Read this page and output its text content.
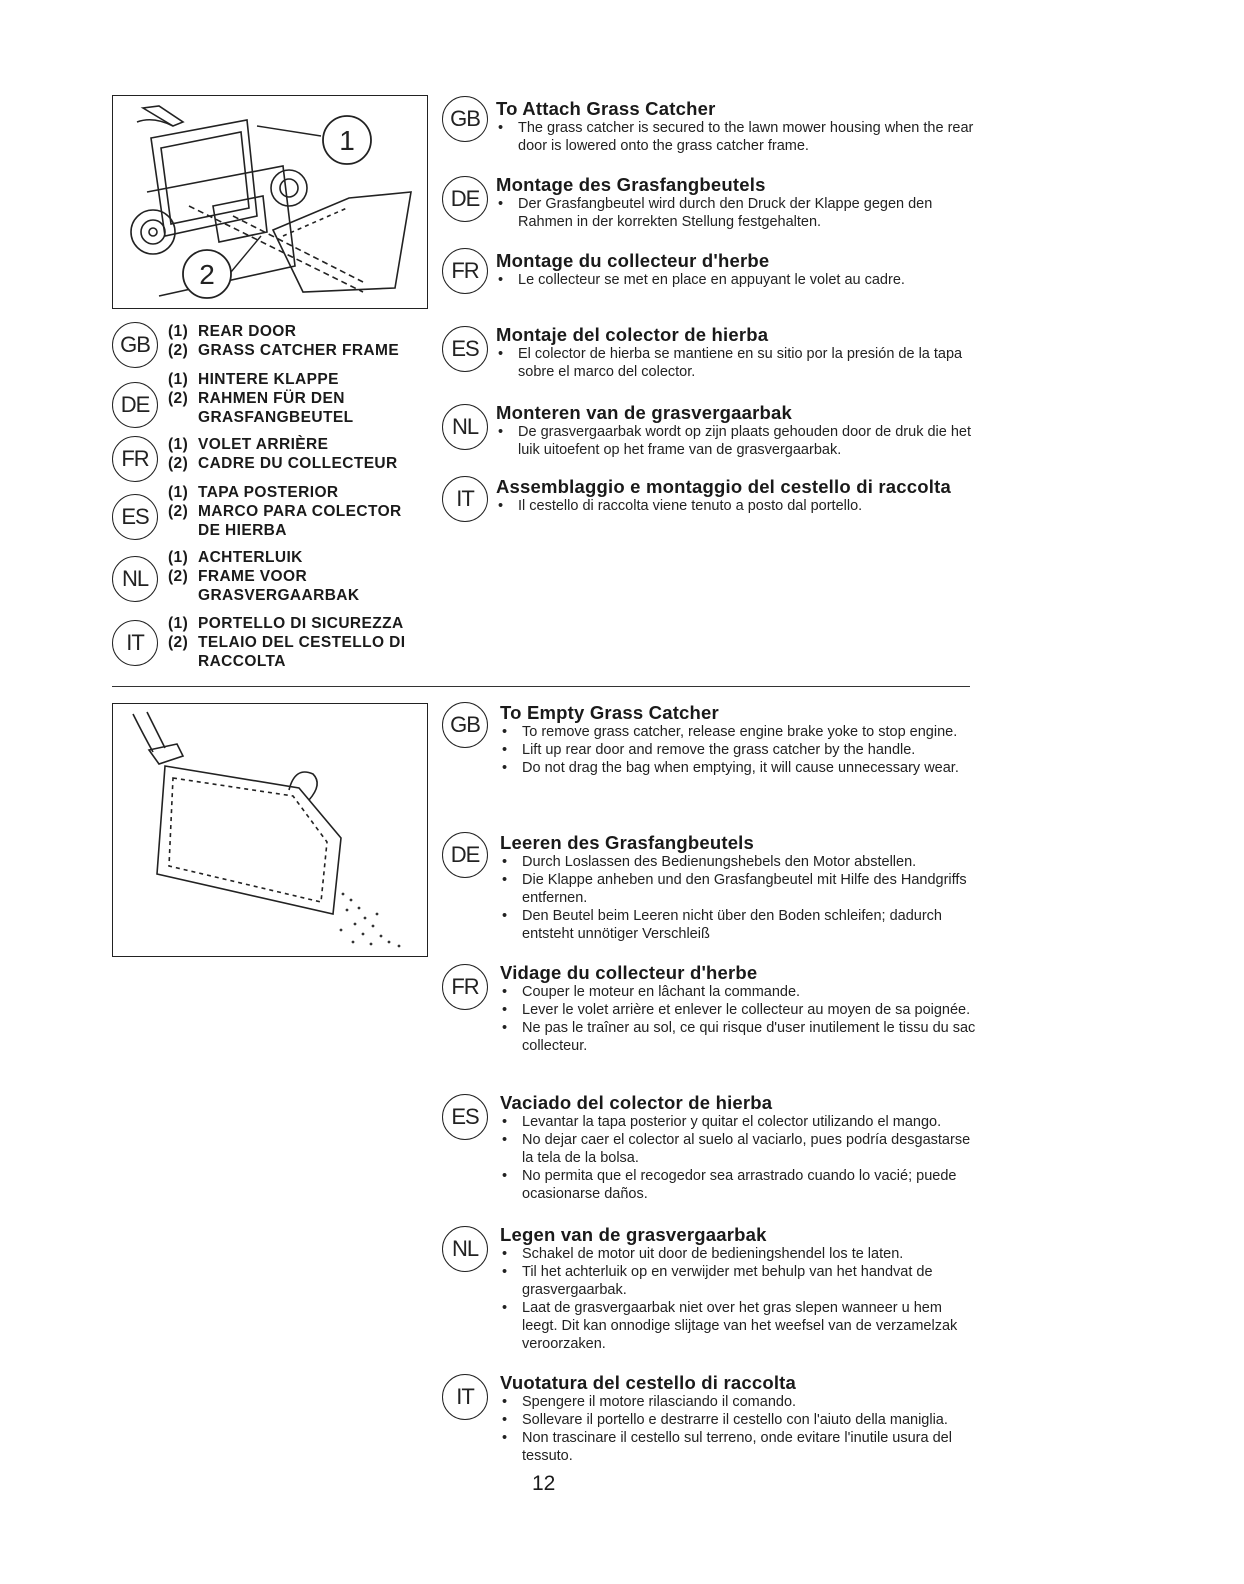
1
2
GB
(1) REAR DOOR
(2) GRASS CATCHER FRAME
DE
(1) HINTERE KLAPPE
(2) RAHMEN FÜR DEN GRASFANGBEUTEL
FR
(1) VOLET ARRIÈRE
(2) CADRE DU COLLECTEUR
ES
(1) TAPA POSTERIOR
(2) MARCO PARA COLECTOR DE HIERBA
NL
(1) ACHTERLUIK
(2) FRAME VOOR GRASVERGAARBAK
IT
(1) PORTELLO DI SICUREZZA
(2) TELAIO DEL CESTELLO DI RACCOLTA
GB To Attach Grass Catcher
• The grass catcher is secured to the lawn mower housing when the rear door is lowered onto the grass catcher frame.
DE
Montage des Grasfangbeutels
• Der Grasfangbeutel wird durch den Druck der Klappe gegen den Rahmen in der korrekten Stellung festgehalten.
FR Montage du collecteur d'herbe
• Le collecteur se met en place en appuyant le volet au cadre.
ES
Montaje del colector de hierba
• El colector de hierba se mantiene en su sitio por la presión de la tapa sobre el marco del colector.
NL
Monteren van de grasvergaarbak
• De grasvergaarbak wordt op zijn plaats gehouden door de druk die het luik uitoefent op het frame van de grasvergaarbak.
IT	Assemblaggio e montaggio del cestello di raccolta
• Il cestello di raccolta viene tenuto a posto dal portello.
GB	To Empty Grass Catcher
• To remove grass catcher, release engine brake yoke to stop engine.
• Lift up rear door and remove the grass catcher by the handle.
• Do not drag the bag when emptying, it will cause unnecessary wear.
DE	Leeren des Grasfangbeutels
• Durch Loslassen des Bedienungshebels den Motor abstellen.
• Die Klappe anheben und den Grasfangbeutel mit Hilfe des Handgriffs entfernen.
• Den Beutel beim Leeren nicht über den Boden schleifen; dadurch entsteht unnötiger Verschleiß
FR
Vidage du collecteur d'herbe
• Couper le moteur en lâchant la commande.
• Lever le volet arrière et enlever le collecteur au moyen de sa poignée.
• Ne pas le traîner au sol, ce qui risque d'user inutilement le tissu du sac collecteur.
ES
Vaciado del colector de hierba
• Levantar la tapa posterior y quitar el colector utilizando el mango.
• No dejar caer el colector al suelo al vaciarlo, pues podría desgastarse la tela de la bolsa.
• No permita que el recogedor sea arrastrado cuando lo vacié; puede ocasionarse daños.
NL
Legen van de grasvergaarbak
• Schakel de motor uit door de bedieningshendel los te laten.
• Til het achterluik op en verwijder met behulp van het handvat de grasvergaarbak.
• Laat de grasvergaarbak niet over het gras slepen wanneer u hem leegt. Dit kan onnodige slijtage van het weefsel van de verzamelzak veroorzaken.
IT
Vuotatura del cestello di raccolta
• Spengere il motore rilasciando il comando.
• Sollevare il portello e destrarre il cestello con l'aiuto della maniglia.
• Non trascinare il cestello sul terreno, onde evitare l'inutile usura del tessuto.
12
